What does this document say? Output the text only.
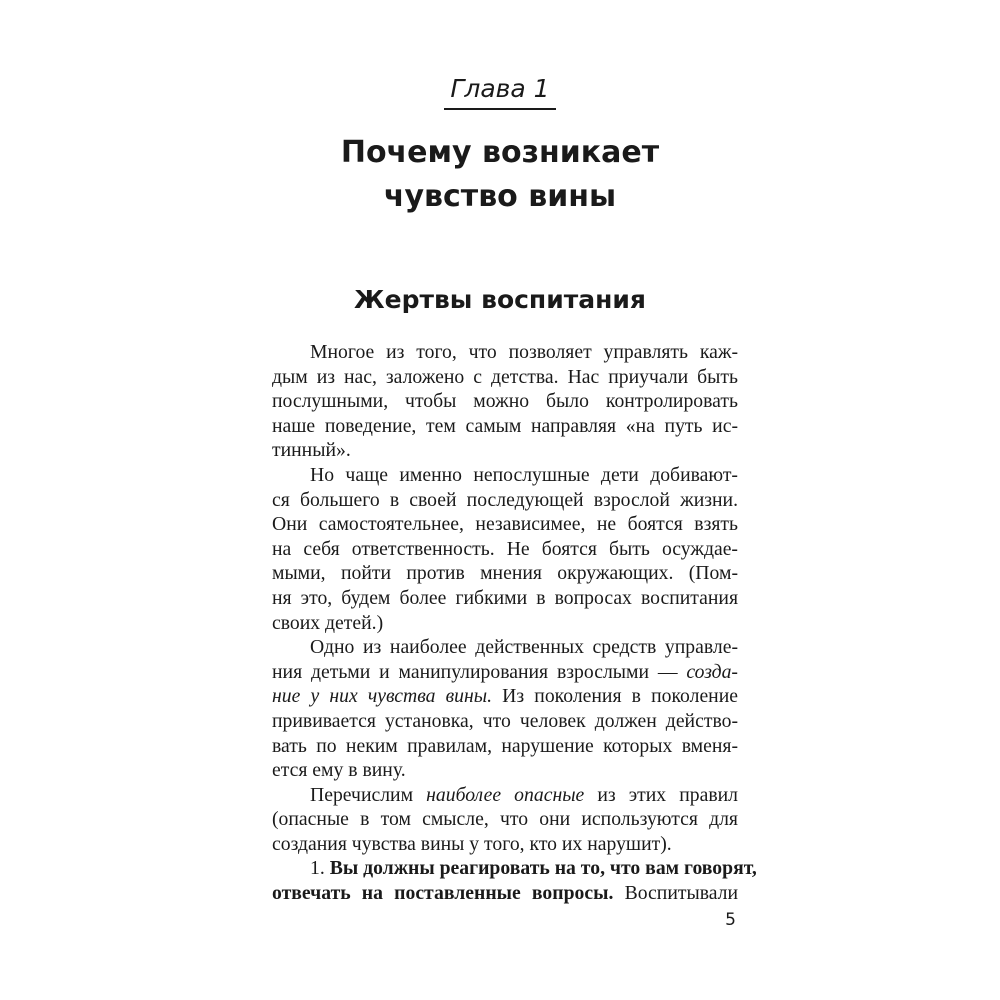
Глава 1
Почему возникает
чувство вины
Жертвы воспитания
Многое из того, что позволяет управлять каж-
дым из нас, заложено с детства. Нас приучали быть
послушными, чтобы можно было контролировать
наше поведение, тем самым направляя «на путь ис-
тинный».
Но чаще именно непослушные дети добивают-
ся большего в своей последующей взрослой жизни.
Они самостоятельнее, независимее, не боятся взять
на себя ответственность. Не боятся быть осуждае-
мыми, пойти против мнения окружающих. (Пом-
ня это, будем более гибкими в вопросах воспитания
своих детей.)
Одно из наиболее действенных средств управле-
ния детьми и манипулирования взрослыми — созда-
ние у них чувства вины. Из поколения в поколение
прививается установка, что человек должен действо-
вать по неким правилам, нарушение которых вменя-
ется ему в вину.
Перечислим наиболее опасные из этих правил
(опасные в том смысле, что они используются для
создания чувства вины у того, кто их нарушит).
1. Вы должны реагировать на то, что вам говорят,
отвечать на поставленные вопросы. Воспитывали
5
